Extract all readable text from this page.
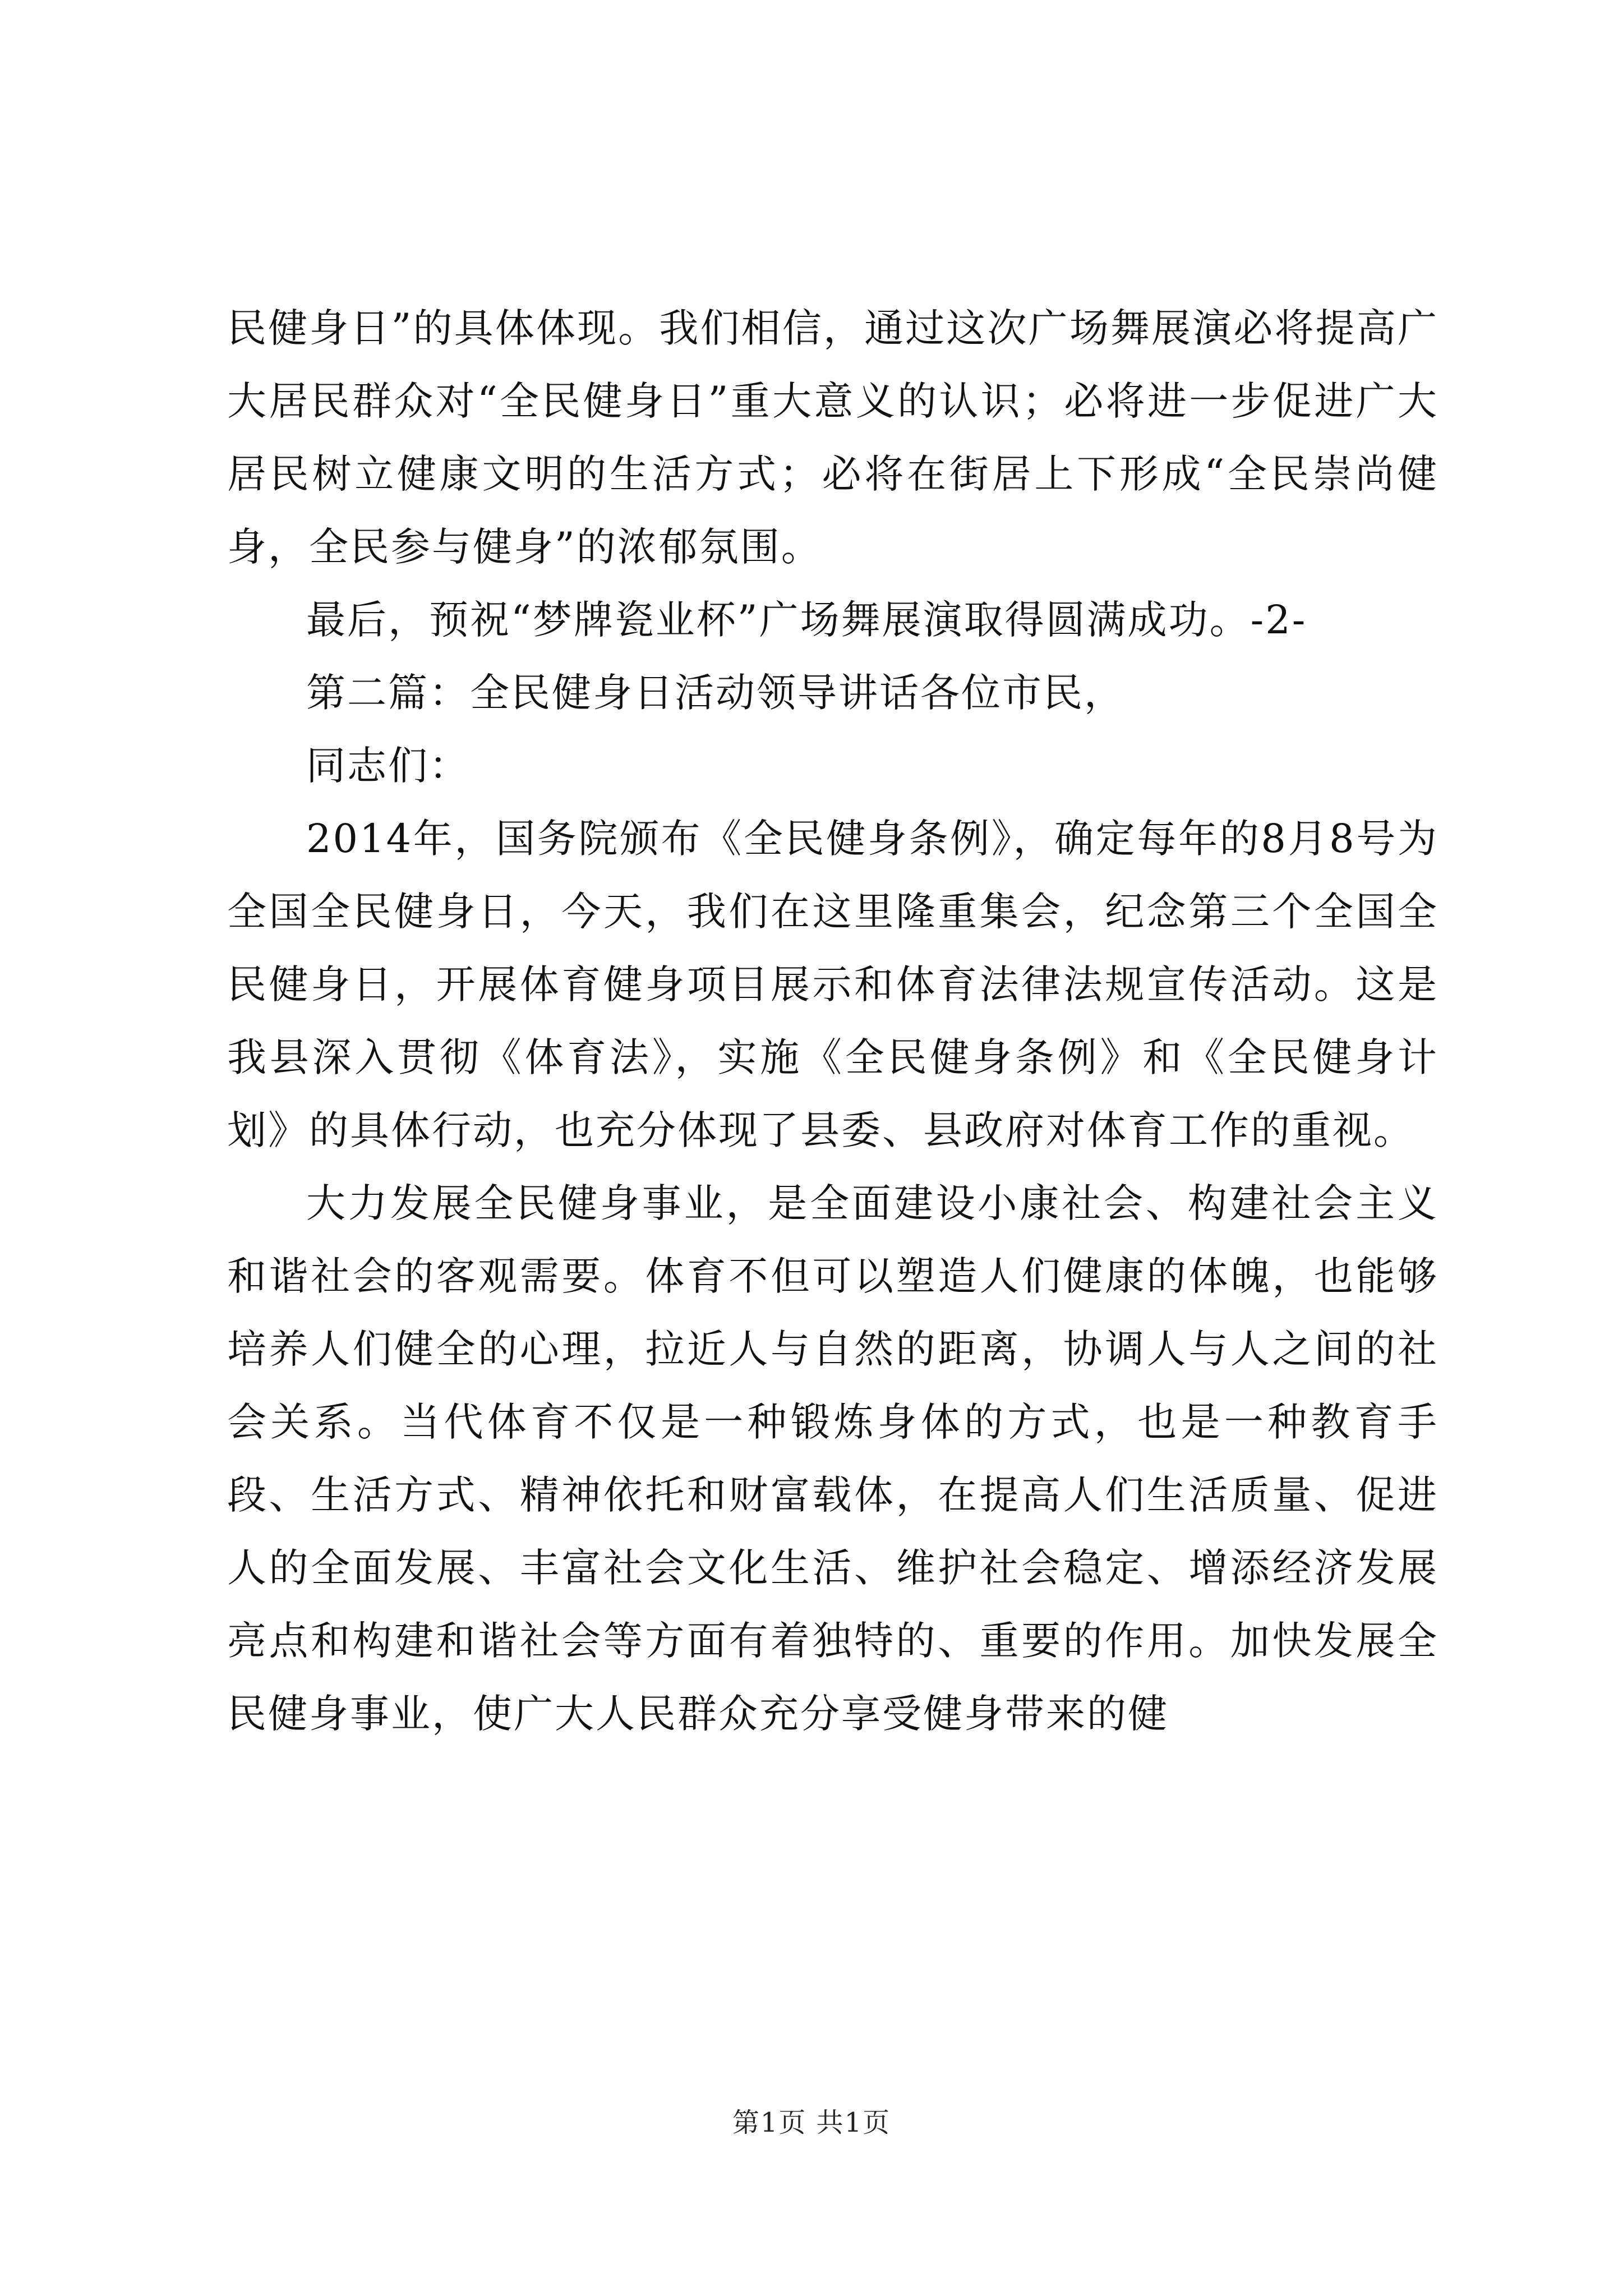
民健身日”的具体体现。我们相信，通过这次广场舞展演必将提高广大居民群众对“全民健身日”重大意义的认识；必将进一步促进广大居民树立健康文明的生活方式；必将在街居上下形成“全民崇尚健身，全民参与健身”的浓郁氛围。

最后，预祝“梦牌瓷业杯”广场舞展演取得圆满成功。-2-

第二篇：全民健身日活动领导讲话各位市民，

同志们：

2014年，国务院颁布《全民健身条例》，确定每年的8月8号为全国全民健身日，今天，我们在这里隆重集会，纪念第三个全国全民健身日，开展体育健身项目展示和体育法律法规宣传活动。这是我县深入贯彻《体育法》，实施《全民健身条例》和《全民健身计划》的具体行动，也充分体现了县委、县政府对体育工作的重视。

大力发展全民健身事业，是全面建设小康社会、构建社会主义和谐社会的客观需要。体育不但可以塑造人们健康的体魄，也能够培养人们健全的心理，拉近人与自然的距离，协调人与人之间的社会关系。当代体育不仅是一种锻炼身体的方式，也是一种教育手段、生活方式、精神依托和财富载体，在提高人们生活质量、促进人的全面发展、丰富社会文化生活、维护社会稳定、增添经济发展亮点和构建和谐社会等方面有着独特的、重要的作用。加快发展全民健身事业，使广大人民群众充分享受健身带来的健

第1页 共1页
